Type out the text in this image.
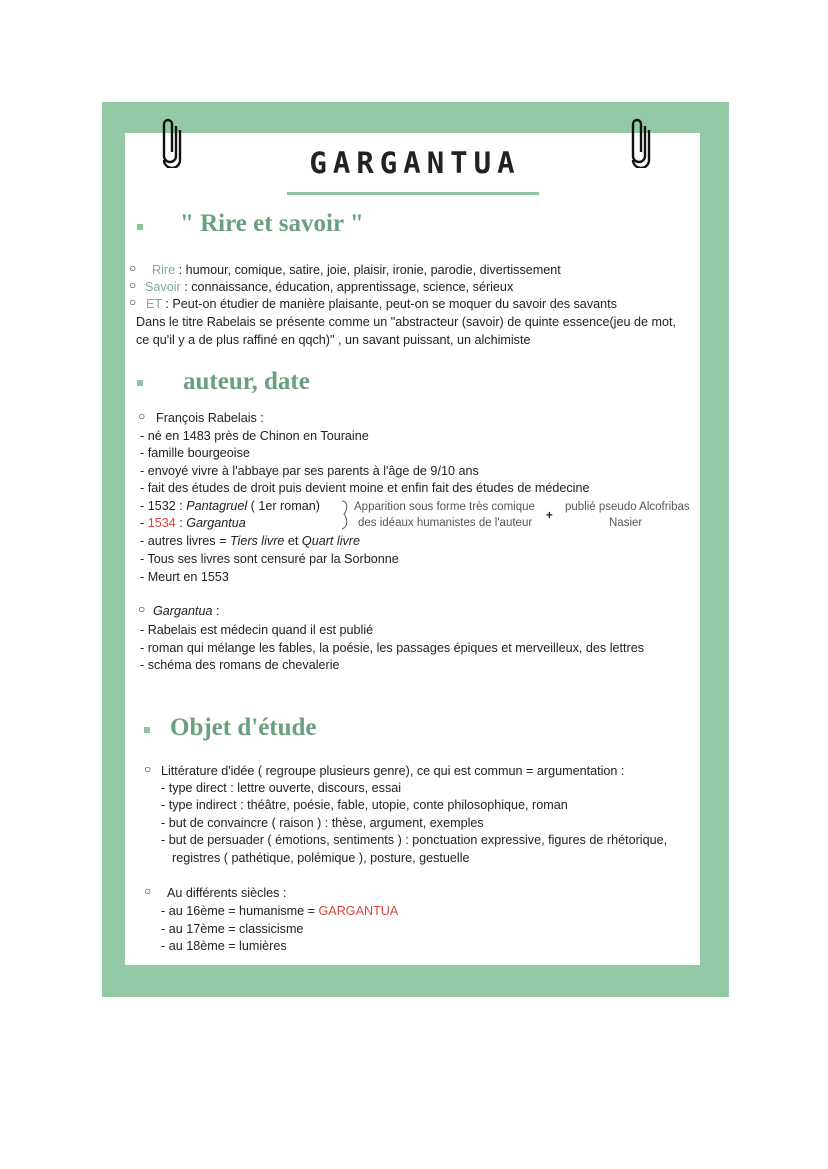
GARGANTUA
" Rire et savoir "
○ Rire : humour, comique, satire, joie, plaisir, ironie, parodie, divertissement
○ Savoir : connaissance, éducation, apprentissage, science, sérieux
○ ET : Peut-on étudier de manière plaisante, peut-on se moquer du savoir des savants
Dans le titre Rabelais se présente comme un "abstracteur (savoir) de quinte essence(jeu de mot,
ce qu'il y a de plus raffiné en qqch)" , un savant puissant, un alchimiste
auteur, date
○ François Rabelais :
- né en 1483 près de Chinon en Touraine
- famille bourgeoise
- envoyé vivre à l'abbaye par ses parents à l'âge de 9/10 ans
- fait des études de droit puis devient moine et enfin fait des études de médecine
- 1532 : Pantagruel ( 1er roman)
- 1534 : Gargantua
- autres livres = Tiers livre et Quart livre
- Tous ses livres sont censuré par la Sorbonne
- Meurt en 1553
Apparition sous forme très comique
des idéaux humanistes de l'auteur
+
publié pseudo Alcofribas
Nasier
○ Gargantua :
- Rabelais est médecin quand il est publié
- roman qui mélange les fables, la poésie, les passages épiques et merveilleux, des lettres
- schéma des romans de chevalerie
Objet d'étude
○ Littérature d'idée ( regroupe plusieurs genre), ce qui est commun = argumentation :
- type direct : lettre ouverte, discours, essai
- type indirect : théâtre, poésie, fable, utopie, conte philosophique, roman
- but de convaincre ( raison ) : thèse, argument, exemples
- but de persuader ( émotions, sentiments ) : ponctuation expressive, figures de rhétorique,
registres ( pathétique, polémique ), posture, gestuelle
○ Au différents siècles :
- au 16ème = humanisme = GARGANTUA
- au 17ème = classicisme
- au 18ème = lumières
